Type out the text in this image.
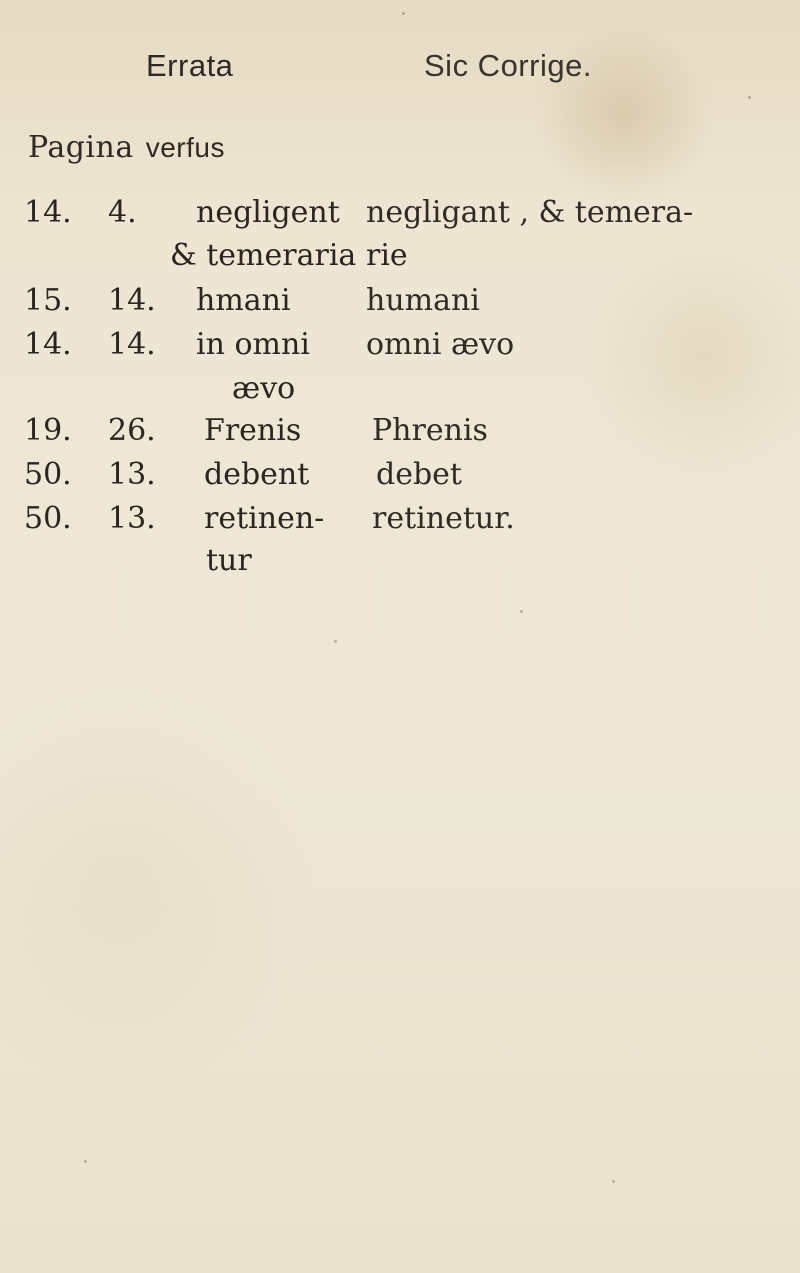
Errata	Sic Corrige.
Pagina verfus
14. 4. negligent negligant , & temera-
& temeraria rie
15. 14. hmani	humani
14. 14. in omni omni ævo
ævo
19. 26. Frenis Phrenis
50. 13. debent debet
50. 13. retinen- retinetur.
tur
